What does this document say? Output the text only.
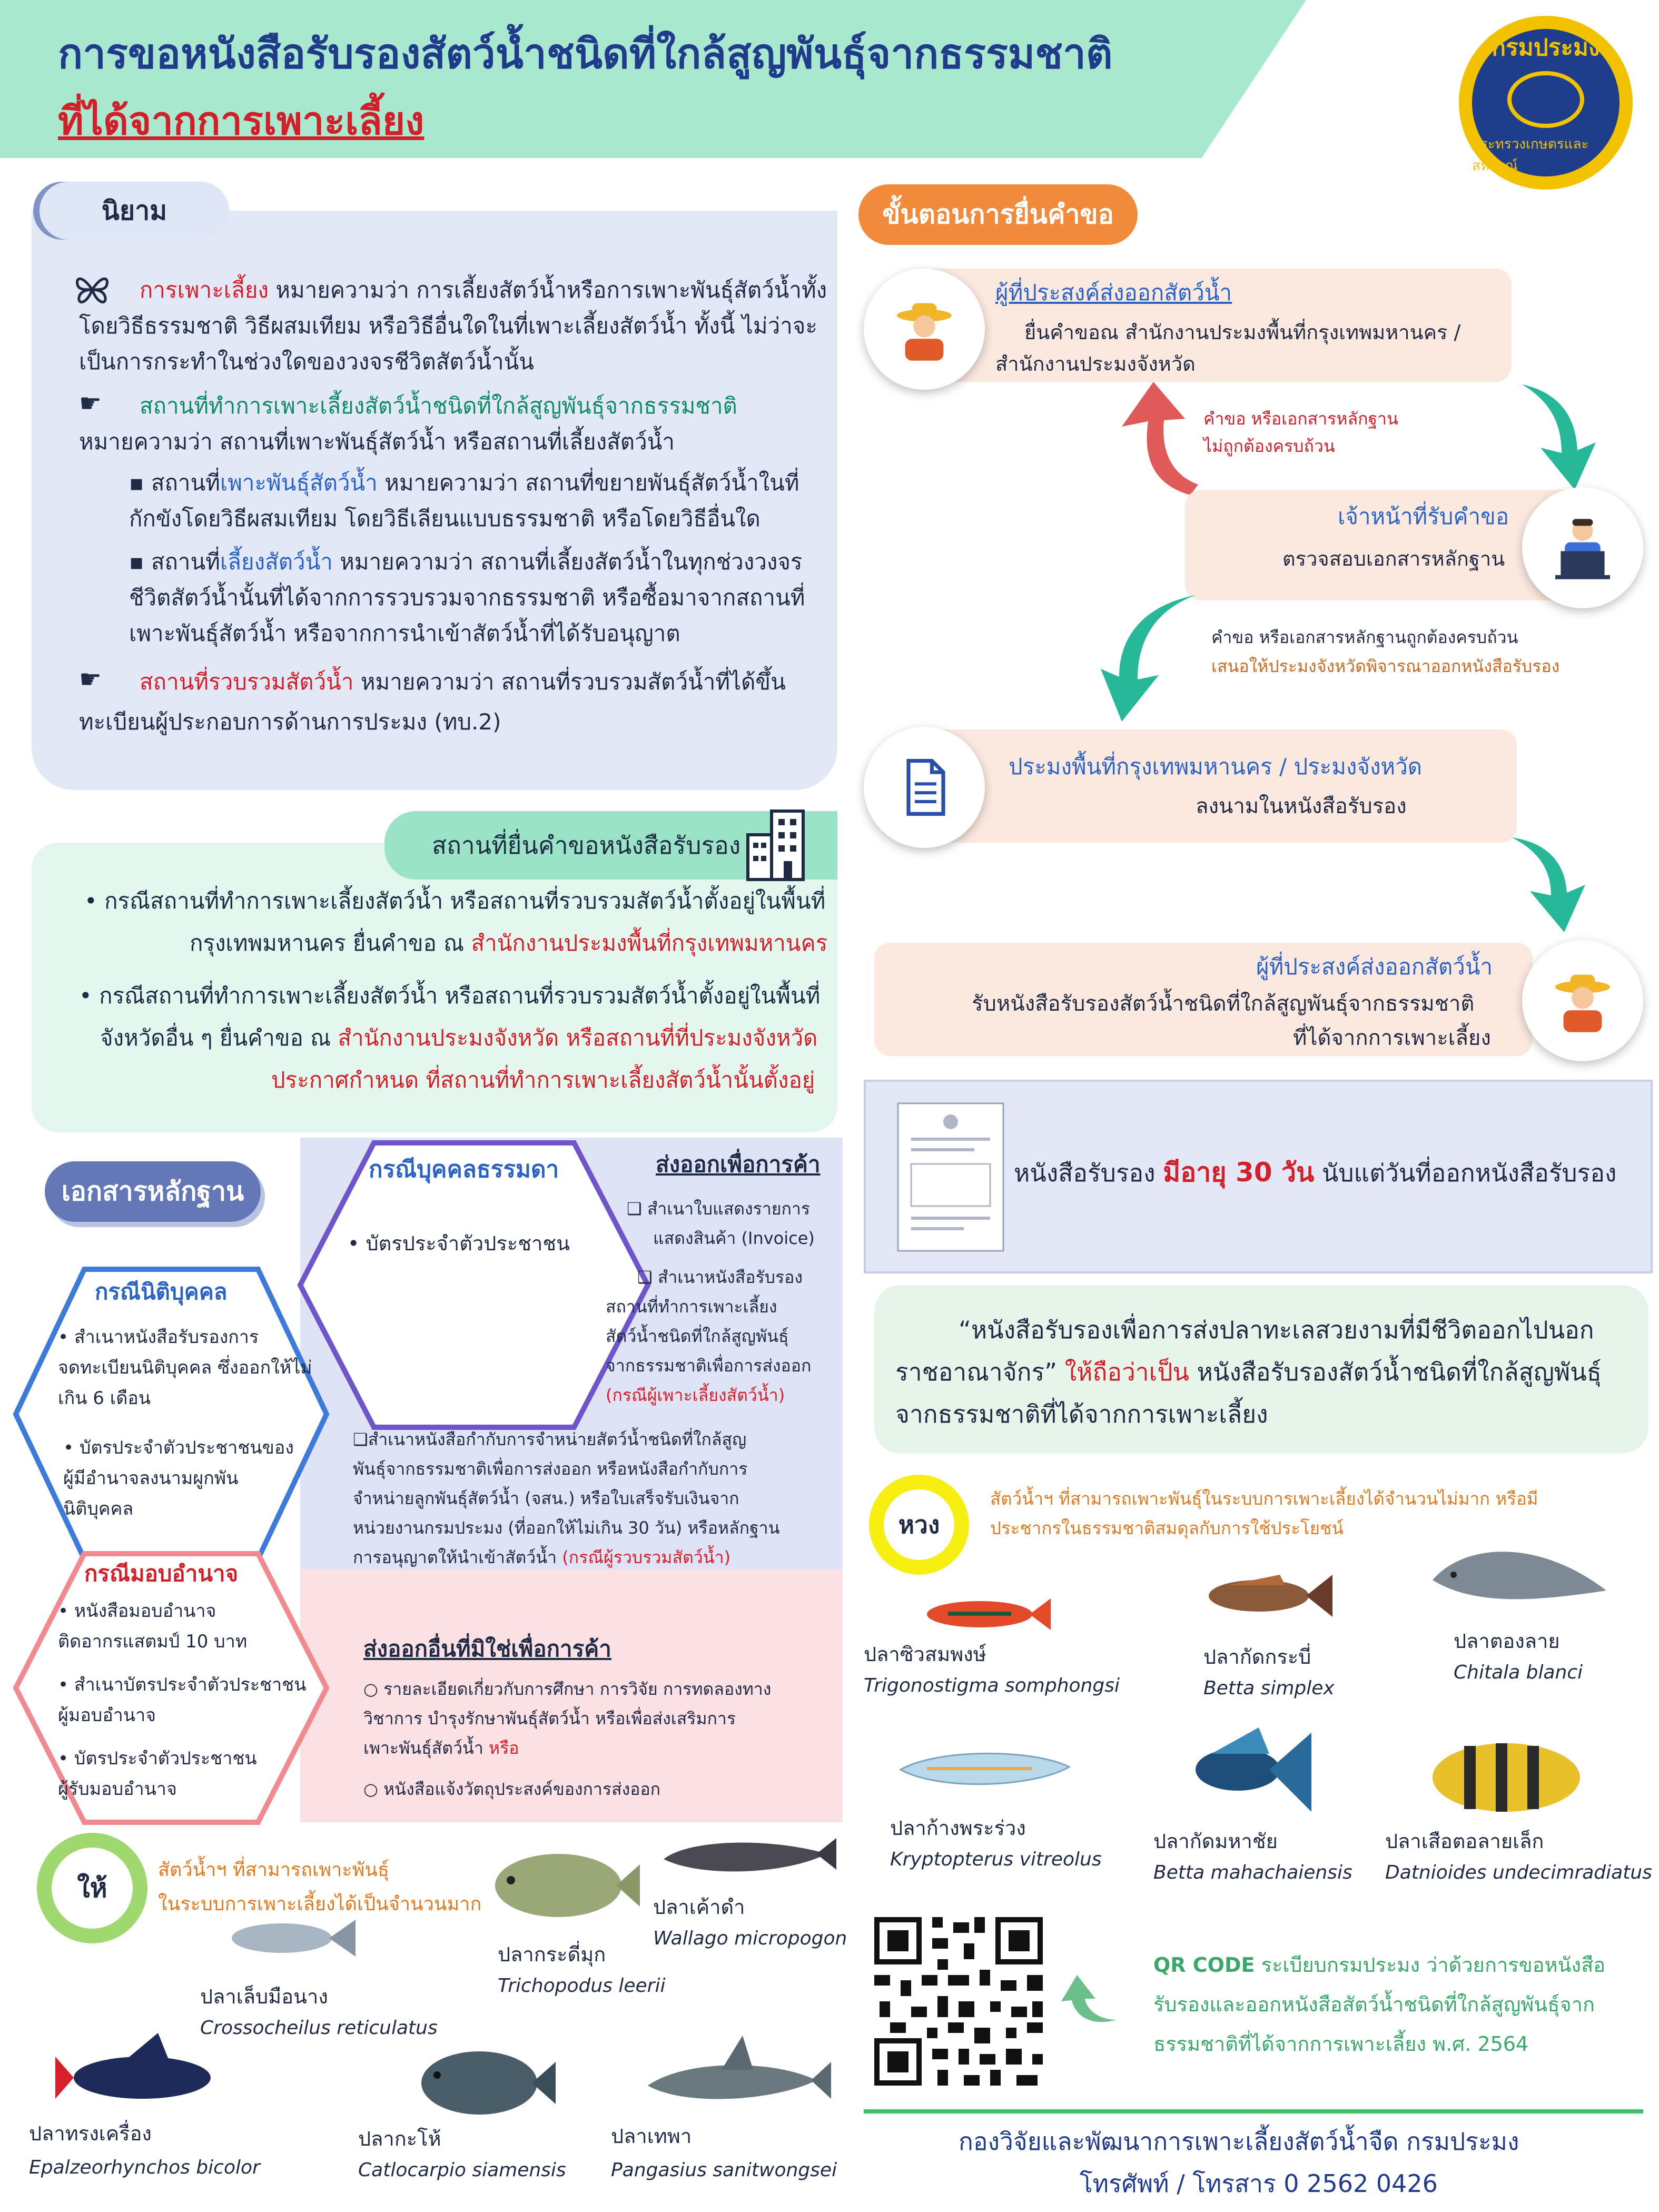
การขอหนังสือรับรองสัตว์น้ำชนิดที่ใกล้สูญพันธุ์จากธรรมชาติ
ที่ได้จากการเพาะเลี้ยง
กรมประมง
กระทรวงเกษตรและสหกรณ์
นิยาม
การเพาะเลี้ยง หมายความว่า การเลี้ยงสัตว์น้ำหรือการเพาะพันธุ์สัตว์น้ำทั้ง
โดยวิธีธรรมชาติ วิธีผสมเทียม หรือวิธีอื่นใดในที่เพาะเลี้ยงสัตว์น้ำ ทั้งนี้ ไม่ว่าจะ
เป็นการกระทำในช่วงใดของวงจรชีวิตสัตว์น้ำนั้น
☛ สถานที่ทำการเพาะเลี้ยงสัตว์น้ำชนิดที่ใกล้สูญพันธุ์จากธรรมชาติ
หมายความว่า สถานที่เพาะพันธุ์สัตว์น้ำ หรือสถานที่เลี้ยงสัตว์น้ำ
▪ สถานที่เพาะพันธุ์สัตว์น้ำ หมายความว่า สถานที่ขยายพันธุ์สัตว์น้ำในที่
กักขังโดยวิธีผสมเทียม โดยวิธีเลียนแบบธรรมชาติ หรือโดยวิธีอื่นใด
▪ สถานที่เลี้ยงสัตว์น้ำ หมายความว่า สถานที่เลี้ยงสัตว์น้ำในทุกช่วงวงจร
ชีวิตสัตว์น้ำนั้นที่ได้จากการรวบรวมจากธรรมชาติ หรือซื้อมาจากสถานที่
เพาะพันธุ์สัตว์น้ำ หรือจากการนำเข้าสัตว์น้ำที่ได้รับอนุญาต
☛ สถานที่รวบรวมสัตว์น้ำ หมายความว่า สถานที่รวบรวมสัตว์น้ำที่ได้ขึ้น
ทะเบียนผู้ประกอบการด้านการประมง (ทบ.2)
สถานที่ยื่นคำขอหนังสือรับรอง
• กรณีสถานที่ทำการเพาะเลี้ยงสัตว์น้ำ หรือสถานที่รวบรวมสัตว์น้ำตั้งอยู่ในพื้นที่
กรุงเทพมหานคร ยื่นคำขอ ณ สำนักงานประมงพื้นที่กรุงเทพมหานคร
• กรณีสถานที่ทำการเพาะเลี้ยงสัตว์น้ำ หรือสถานที่รวบรวมสัตว์น้ำตั้งอยู่ในพื้นที่
จังหวัดอื่น ๆ ยื่นคำขอ ณ สำนักงานประมงจังหวัด หรือสถานที่ที่ประมงจังหวัด
ประกาศกำหนด ที่สถานที่ทำการเพาะเลี้ยงสัตว์น้ำนั้นตั้งอยู่
เอกสารหลักฐาน
กรณีบุคคลธรรมดา
• บัตรประจำตัวประชาชน
กรณีนิติบุคคล
• สำเนาหนังสือรับรองการ
จดทะเบียนนิติบุคคล ซึ่งออกให้ไม่
เกิน 6 เดือน
• บัตรประจำตัวประชาชนของ
ผู้มีอำนาจลงนามผูกพัน
นิติบุคคล
กรณีมอบอำนาจ
• หนังสือมอบอำนาจ
ติดอากรแสตมป์ 10 บาท
• สำเนาบัตรประจำตัวประชาชน
ผู้มอบอำนาจ
• บัตรประจำตัวประชาชน
ผู้รับมอบอำนาจ
ส่งออกเพื่อการค้า
❑ สำเนาใบแสดงรายการ
แสดงสินค้า (Invoice)
❑ สำเนาหนังสือรับรอง
สถานที่ทำการเพาะเลี้ยง
สัตว์น้ำชนิดที่ใกล้สูญพันธุ์
จากธรรมชาติเพื่อการส่งออก
(กรณีผู้เพาะเลี้ยงสัตว์น้ำ)
❑สำเนาหนังสือกำกับการจำหน่ายสัตว์น้ำชนิดที่ใกล้สูญ
พันธุ์จากธรรมชาติเพื่อการส่งออก หรือหนังสือกำกับการ
จำหน่ายลูกพันธุ์สัตว์น้ำ (จสน.) หรือใบเสร็จรับเงินจาก
หน่วยงานกรมประมง (ที่ออกให้ไม่เกิน 30 วัน) หรือหลักฐาน
การอนุญาตให้นำเข้าสัตว์น้ำ (กรณีผู้รวบรวมสัตว์น้ำ)
ส่งออกอื่นที่มิใช่เพื่อการค้า
○ รายละเอียดเกี่ยวกับการศึกษา การวิจัย การทดลองทาง
วิชาการ บำรุงรักษาพันธุ์สัตว์น้ำ หรือเพื่อส่งเสริมการ
เพาะพันธุ์สัตว์น้ำ หรือ
○ หนังสือแจ้งวัตถุประสงค์ของการส่งออก
ขั้นตอนการยื่นคำขอ
ผู้ที่ประสงค์ส่งออกสัตว์น้ำ
ยื่นคำขอณ สำนักงานประมงพื้นที่กรุงเทพมหานคร /
สำนักงานประมงจังหวัด
คำขอ หรือเอกสารหลักฐาน
ไม่ถูกต้องครบถ้วน
เจ้าหน้าที่รับคำขอ
ตรวจสอบเอกสารหลักฐาน
คำขอ หรือเอกสารหลักฐานถูกต้องครบถ้วน
เสนอให้ประมงจังหวัดพิจารณาออกหนังสือรับรอง
ประมงพื้นที่กรุงเทพมหานคร / ประมงจังหวัด
ลงนามในหนังสือรับรอง
ผู้ที่ประสงค์ส่งออกสัตว์น้ำ
รับหนังสือรับรองสัตว์น้ำชนิดที่ใกล้สูญพันธุ์จากธรรมชาติ
ที่ได้จากการเพาะเลี้ยง
หนังสือรับรอง มีอายุ 30 วัน นับแต่วันที่ออกหนังสือรับรอง
“หนังสือรับรองเพื่อการส่งปลาทะเลสวยงามที่มีชีวิตออกไปนอก
ราชอาณาจักร” ให้ถือว่าเป็น หนังสือรับรองสัตว์น้ำชนิดที่ใกล้สูญพันธุ์
จากธรรมชาติที่ได้จากการเพาะเลี้ยง
หวง
สัตว์น้ำฯ ที่สามารถเพาะพันธุ์ในระบบการเพาะเลี้ยงได้จำนวนไม่มาก หรือมี
ประชากรในธรรมชาติสมดุลกับการใช้ประโยชน์
ปลาซิวสมพงษ์
Trigonostigma somphongsi
ปลากัดกระบี่
Betta simplex
ปลาตองลาย
Chitala blanci
ปลาก้างพระร่วง
Kryptopterus vitreolus
ปลากัดมหาชัย
Betta mahachaiensis
ปลาเสือตอลายเล็ก
Datnioides undecimradiatus
ให้
สัตว์น้ำฯ ที่สามารถเพาะพันธุ์
ในระบบการเพาะเลี้ยงได้เป็นจำนวนมาก
ปลากระดี่มุก
Trichopodus leerii
ปลาเค้าดำ
Wallago micropogon
ปลาเล็บมือนาง
Crossocheilus reticulatus
ปลาทรงเครื่อง
Epalzeorhynchos bicolor
ปลากะโห้
Catlocarpio siamensis
ปลาเทพา
Pangasius sanitwongsei
QR CODE ระเบียบกรมประมง ว่าด้วยการขอหนังสือ
รับรองและออกหนังสือสัตว์น้ำชนิดที่ใกล้สูญพันธุ์จาก
ธรรมชาติที่ได้จากการเพาะเลี้ยง พ.ศ. 2564
กองวิจัยและพัฒนาการเพาะเลี้ยงสัตว์น้ำจืด กรมประมง
โทรศัพท์ / โทรสาร 0 2562 0426
